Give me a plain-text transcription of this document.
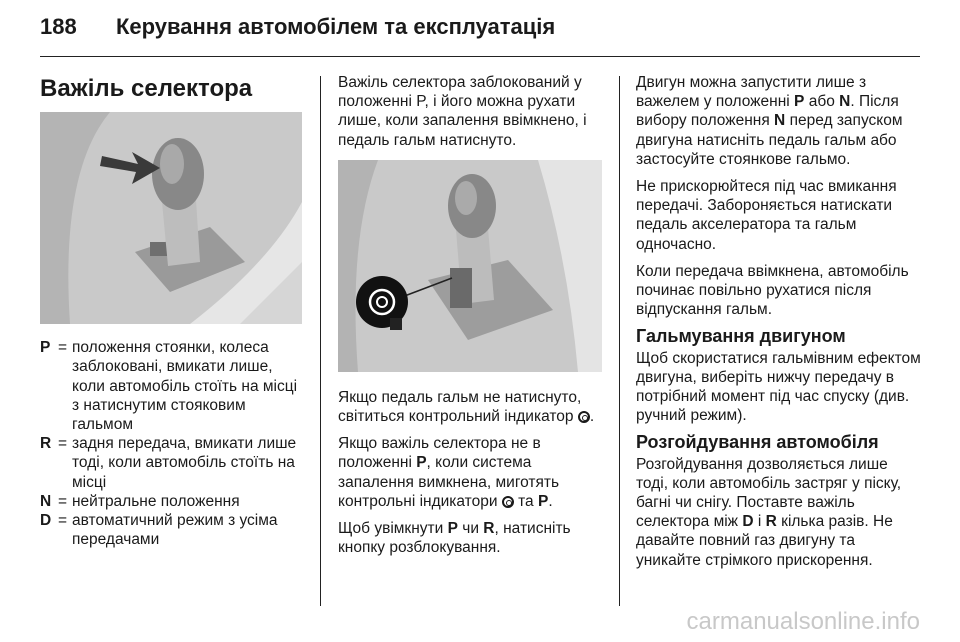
188 Керування автомобілем та експлуатація
Важіль селектора
P = положення стоянки, колеса заблоковані, вмикати лише, коли автомобіль стоїть на місці з натиснутим стояковим гальмом
R = задня передача, вмикати лише тоді, коли автомобіль стоїть на місці
N = нейтральне положення
D = автоматичний режим з усіма передачами

Важіль селектора заблокований у положенні P, і його можна рухати лише, коли запалення ввімкнено, і педаль гальм натиснуто.

Якщо педаль гальм не натиснуто, світиться контрольний індикатор .

Якщо важіль селектора не в положенні P, коли система запалення вимкнена, миготять контрольні індикатори та P.

Щоб увімкнути P чи R, натисніть кнопку розблокування.

Двигун можна запустити лише з важелем у положенні P або N. Після вибору положення N перед запуском двигуна натисніть педаль гальм або застосуйте стоянкове гальмо.

Не прискорюйтеся під час вмикання передачі. Забороняється натискати педаль акселератора та гальм одночасно.

Коли передача ввімкнена, автомобіль починає повільно рухатися після відпускання гальм.

Гальмування двигуном

Щоб скористатися гальмівним ефектом двигуна, виберіть нижчу передачу в потрібний момент під час спуску (див. ручний режим).

Розгойдування автомобіля

Розгойдування дозволяється лише тоді, коли автомобіль застряг у піску, багні чи снігу. Поставте важіль селектора між D і R кілька разів. Не давайте повний газ двигуну та уникайте стрімкого прискорення.

carmanualsonline.info
